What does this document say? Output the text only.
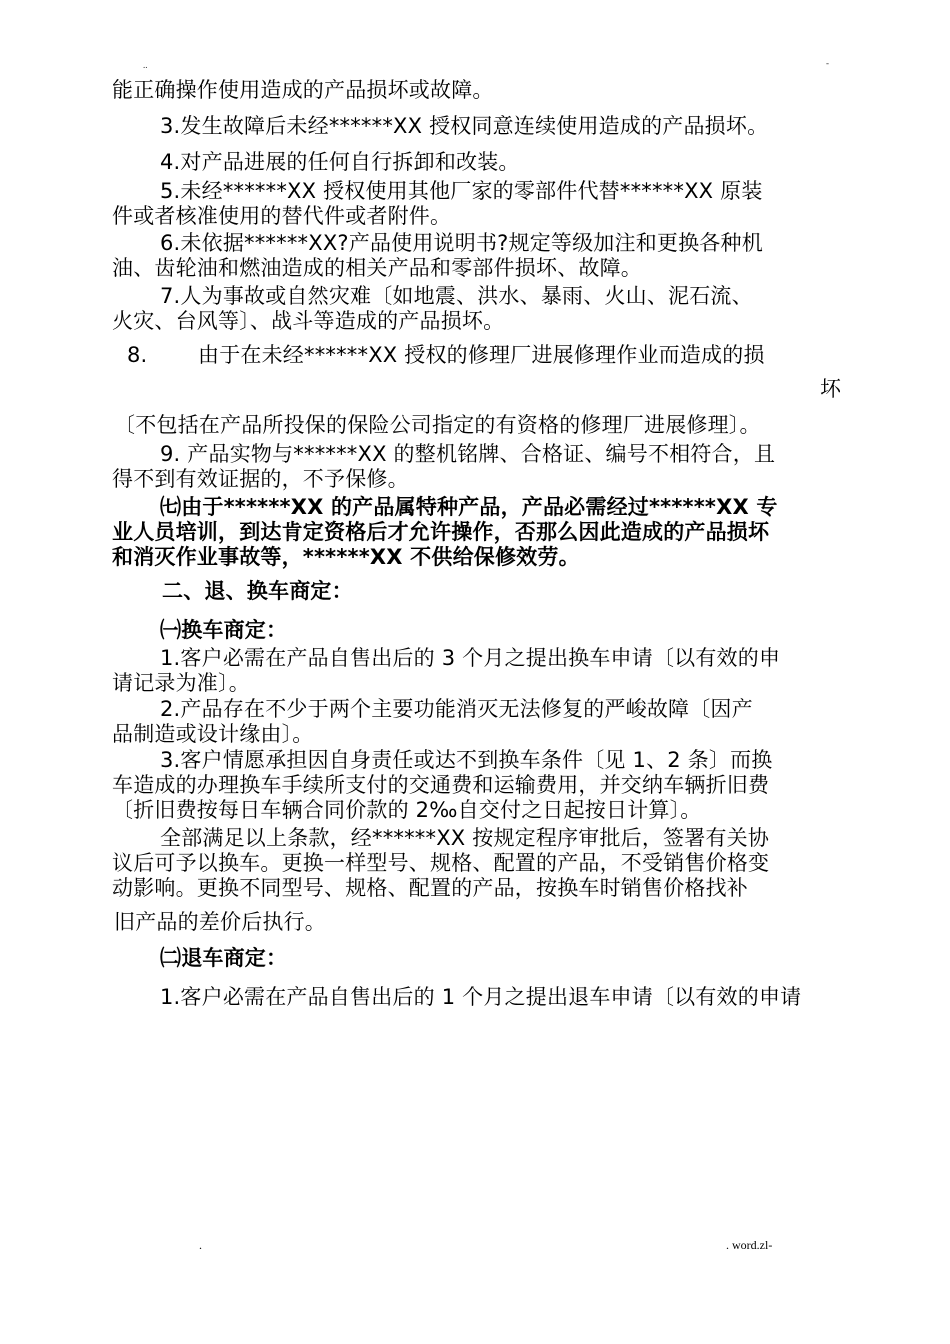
..	-
能正确操作使用造成的产品损坏或故障。
3.发生故障后未经******XX 授权同意连续使用造成的产品损坏。
4.对产品进展的任何自行拆卸和改装。
5.未经******XX 授权使用其他厂家的零部件代替******XX 原装
件或者核准使用的替代件或者附件。
6.未依据******XX?产品使用说明书?规定等级加注和更换各种机
油、齿轮油和燃油造成的相关产品和零部件损坏、故障。
7.人为事故或自然灾难〔如地震、洪水、暴雨、火山、泥石流、
火灾、台风等〕、战斗等造成的产品损坏。
8. 由于在未经******XX 授权的修理厂进展修理作业而造成的损
坏
〔不包括在产品所投保的保险公司指定的有资格的修理厂进展修理〕。
9. 产品实物与******XX 的整机铭牌、合格证、编号不相符合，且
得不到有效证据的，不予保修。
㈦由于******XX 的产品属特种产品，产品必需经过******XX 专
业人员培训，到达肯定资格后才允许操作，否那么因此造成的产品损坏
和消灭作业事故等，******XX 不供给保修效劳。
二、退、换车商定：
㈠换车商定：
1.客户必需在产品自售出后的 3 个月之提出换车申请〔以有效的申
请记录为准〕。
2.产品存在不少于两个主要功能消灭无法修复的严峻故障〔因产
品制造或设计缘由〕。
3.客户情愿承担因自身责任或达不到换车条件〔见 1、2 条〕而换
车造成的办理换车手续所支付的交通费和运输费用，并交纳车辆折旧费
〔折旧费按每日车辆合同价款的 2‰自交付之日起按日计算〕。
全部满足以上条款，经******XX 按规定程序审批后，签署有关协
议后可予以换车。更换一样型号、规格、配置的产品，不受销售价格变
动影响。更换不同型号、规格、配置的产品，按换车时销售价格找补
旧产品的差价后执行。
㈡退车商定：
1.客户必需在产品自售出后的 1 个月之提出退车申请〔以有效的申请
.	. word.zl-
